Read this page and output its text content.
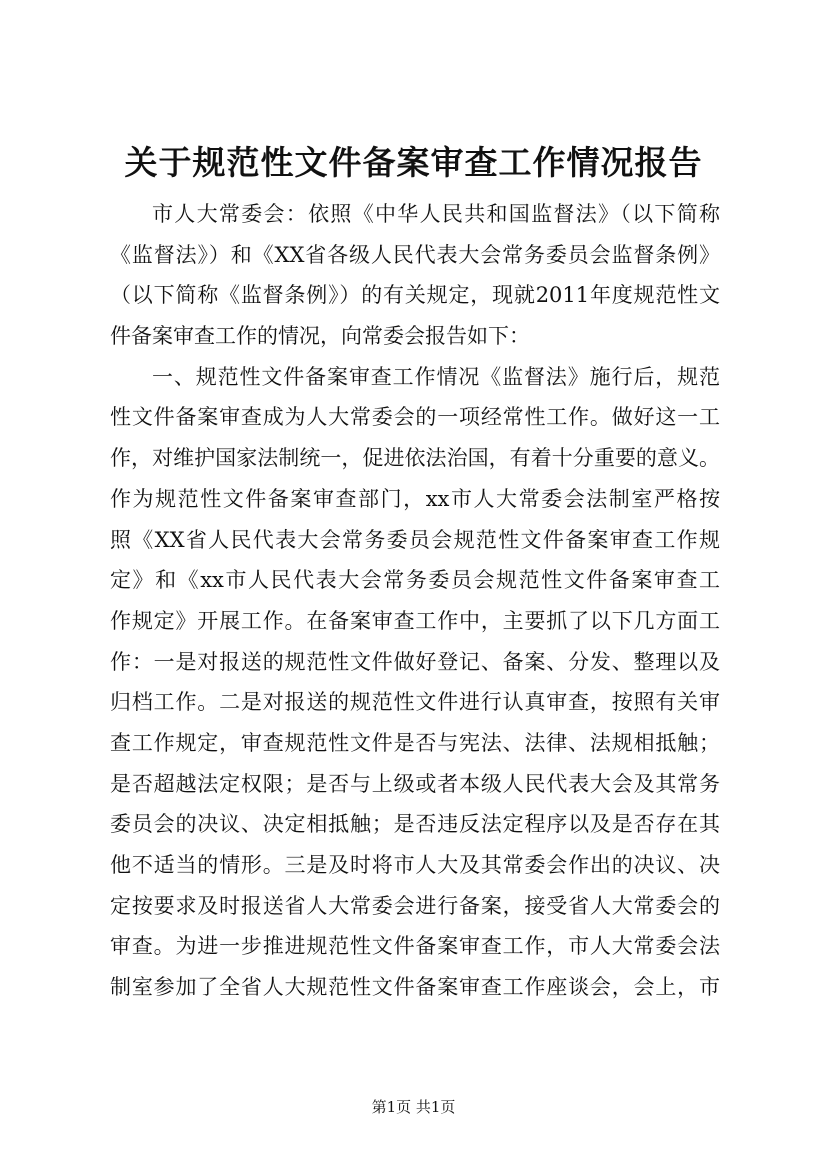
关于规范性文件备案审查工作情况报告
市人大常委会：依照《中华人民共和国监督法》（以下简称
《监督法》）和《XX省各级人民代表大会常务委员会监督条例》
（以下简称《监督条例》）的有关规定，现就2011年度规范性文
件备案审查工作的情况，向常委会报告如下：
一、规范性文件备案审查工作情况《监督法》施行后，规范
性文件备案审查成为人大常委会的一项经常性工作。做好这一工
作，对维护国家法制统一，促进依法治国，有着十分重要的意义。
作为规范性文件备案审查部门，xx市人大常委会法制室严格按
照《XX省人民代表大会常务委员会规范性文件备案审查工作规
定》和《xx市人民代表大会常务委员会规范性文件备案审查工
作规定》开展工作。在备案审查工作中，主要抓了以下几方面工
作：一是对报送的规范性文件做好登记、备案、分发、整理以及
归档工作。二是对报送的规范性文件进行认真审查，按照有关审
查工作规定，审查规范性文件是否与宪法、法律、法规相抵触；
是否超越法定权限；是否与上级或者本级人民代表大会及其常务
委员会的决议、决定相抵触；是否违反法定程序以及是否存在其
他不适当的情形。三是及时将市人大及其常委会作出的决议、决
定按要求及时报送省人大常委会进行备案，接受省人大常委会的
审查。为进一步推进规范性文件备案审查工作，市人大常委会法
制室参加了全省人大规范性文件备案审查工作座谈会，会上，市
第1页 共1页
